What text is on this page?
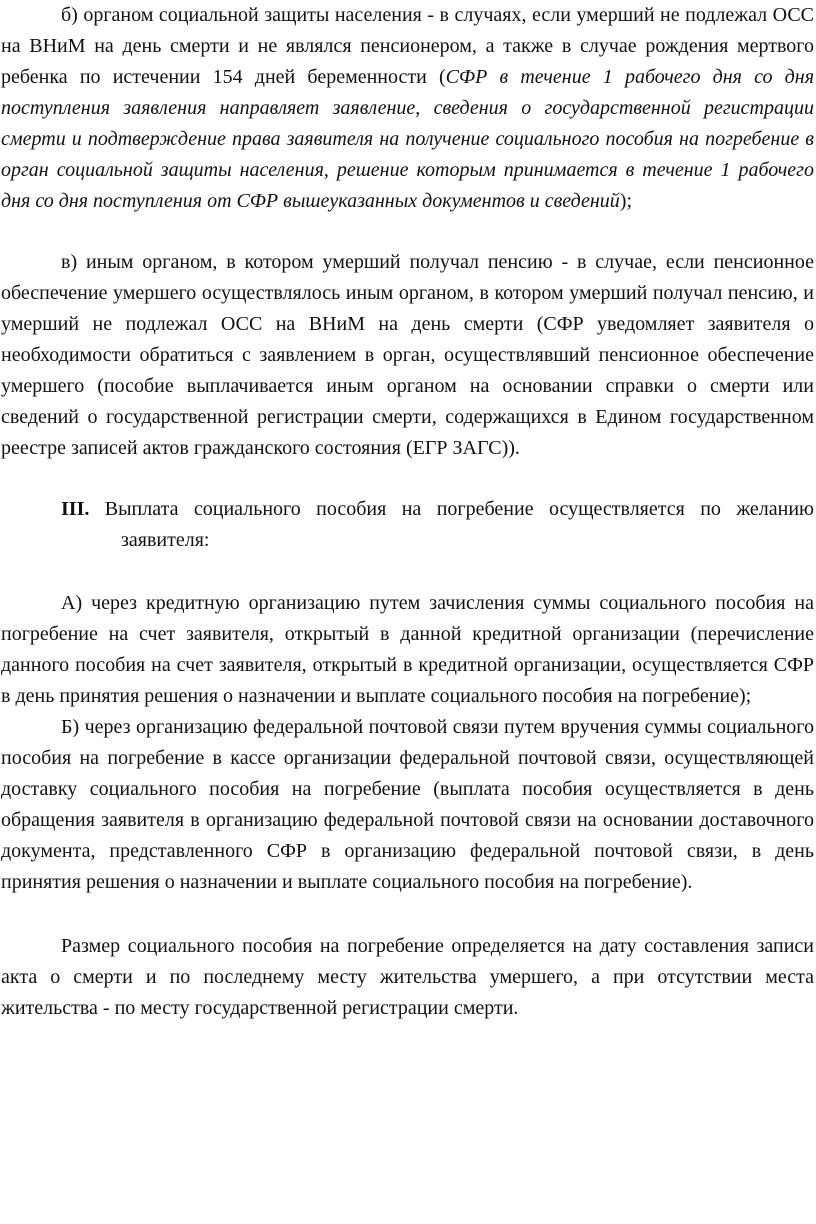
б) органом социальной защиты населения - в случаях, если умерший не подлежал ОСС на ВНиМ на день смерти и не являлся пенсионером, а также в случае рождения мертвого ребенка по истечении 154 дней беременности (СФР в течение 1 рабочего дня со дня поступления заявления направляет заявление, сведения о государственной регистрации смерти и подтверждение права заявителя на получение социального пособия на погребение в орган социальной защиты населения, решение которым принимается в течение 1 рабочего дня со дня поступления от СФР вышеуказанных документов и сведений);

в) иным органом, в котором умерший получал пенсию - в случае, если пенсионное обеспечение умершего осуществлялось иным органом, в котором умерший получал пенсию, и умерший не подлежал ОСС на ВНиМ на день смерти (СФР уведомляет заявителя о необходимости обратиться с заявлением в орган, осуществлявший пенсионное обеспечение умершего (пособие выплачивается иным органом на основании справки о смерти или сведений о государственной регистрации смерти, содержащихся в Едином государственном реестре записей актов гражданского состояния (ЕГР ЗАГС)).

III. Выплата социального пособия на погребение осуществляется по желанию заявителя:

А) через кредитную организацию путем зачисления суммы социального пособия на погребение на счет заявителя, открытый в данной кредитной организации (перечисление данного пособия на счет заявителя, открытый в кредитной организации, осуществляется СФР в день принятия решения о назначении и выплате социального пособия на погребение);

Б) через организацию федеральной почтовой связи путем вручения суммы социального пособия на погребение в кассе организации федеральной почтовой связи, осуществляющей доставку социального пособия на погребение (выплата пособия осуществляется в день обращения заявителя в организацию федеральной почтовой связи на основании доставочного документа, представленного СФР в организацию федеральной почтовой связи, в день принятия решения о назначении и выплате социального пособия на погребение).

Размер социального пособия на погребение определяется на дату составления записи акта о смерти и по последнему месту жительства умершего, а при отсутствии места жительства - по месту государственной регистрации смерти.
